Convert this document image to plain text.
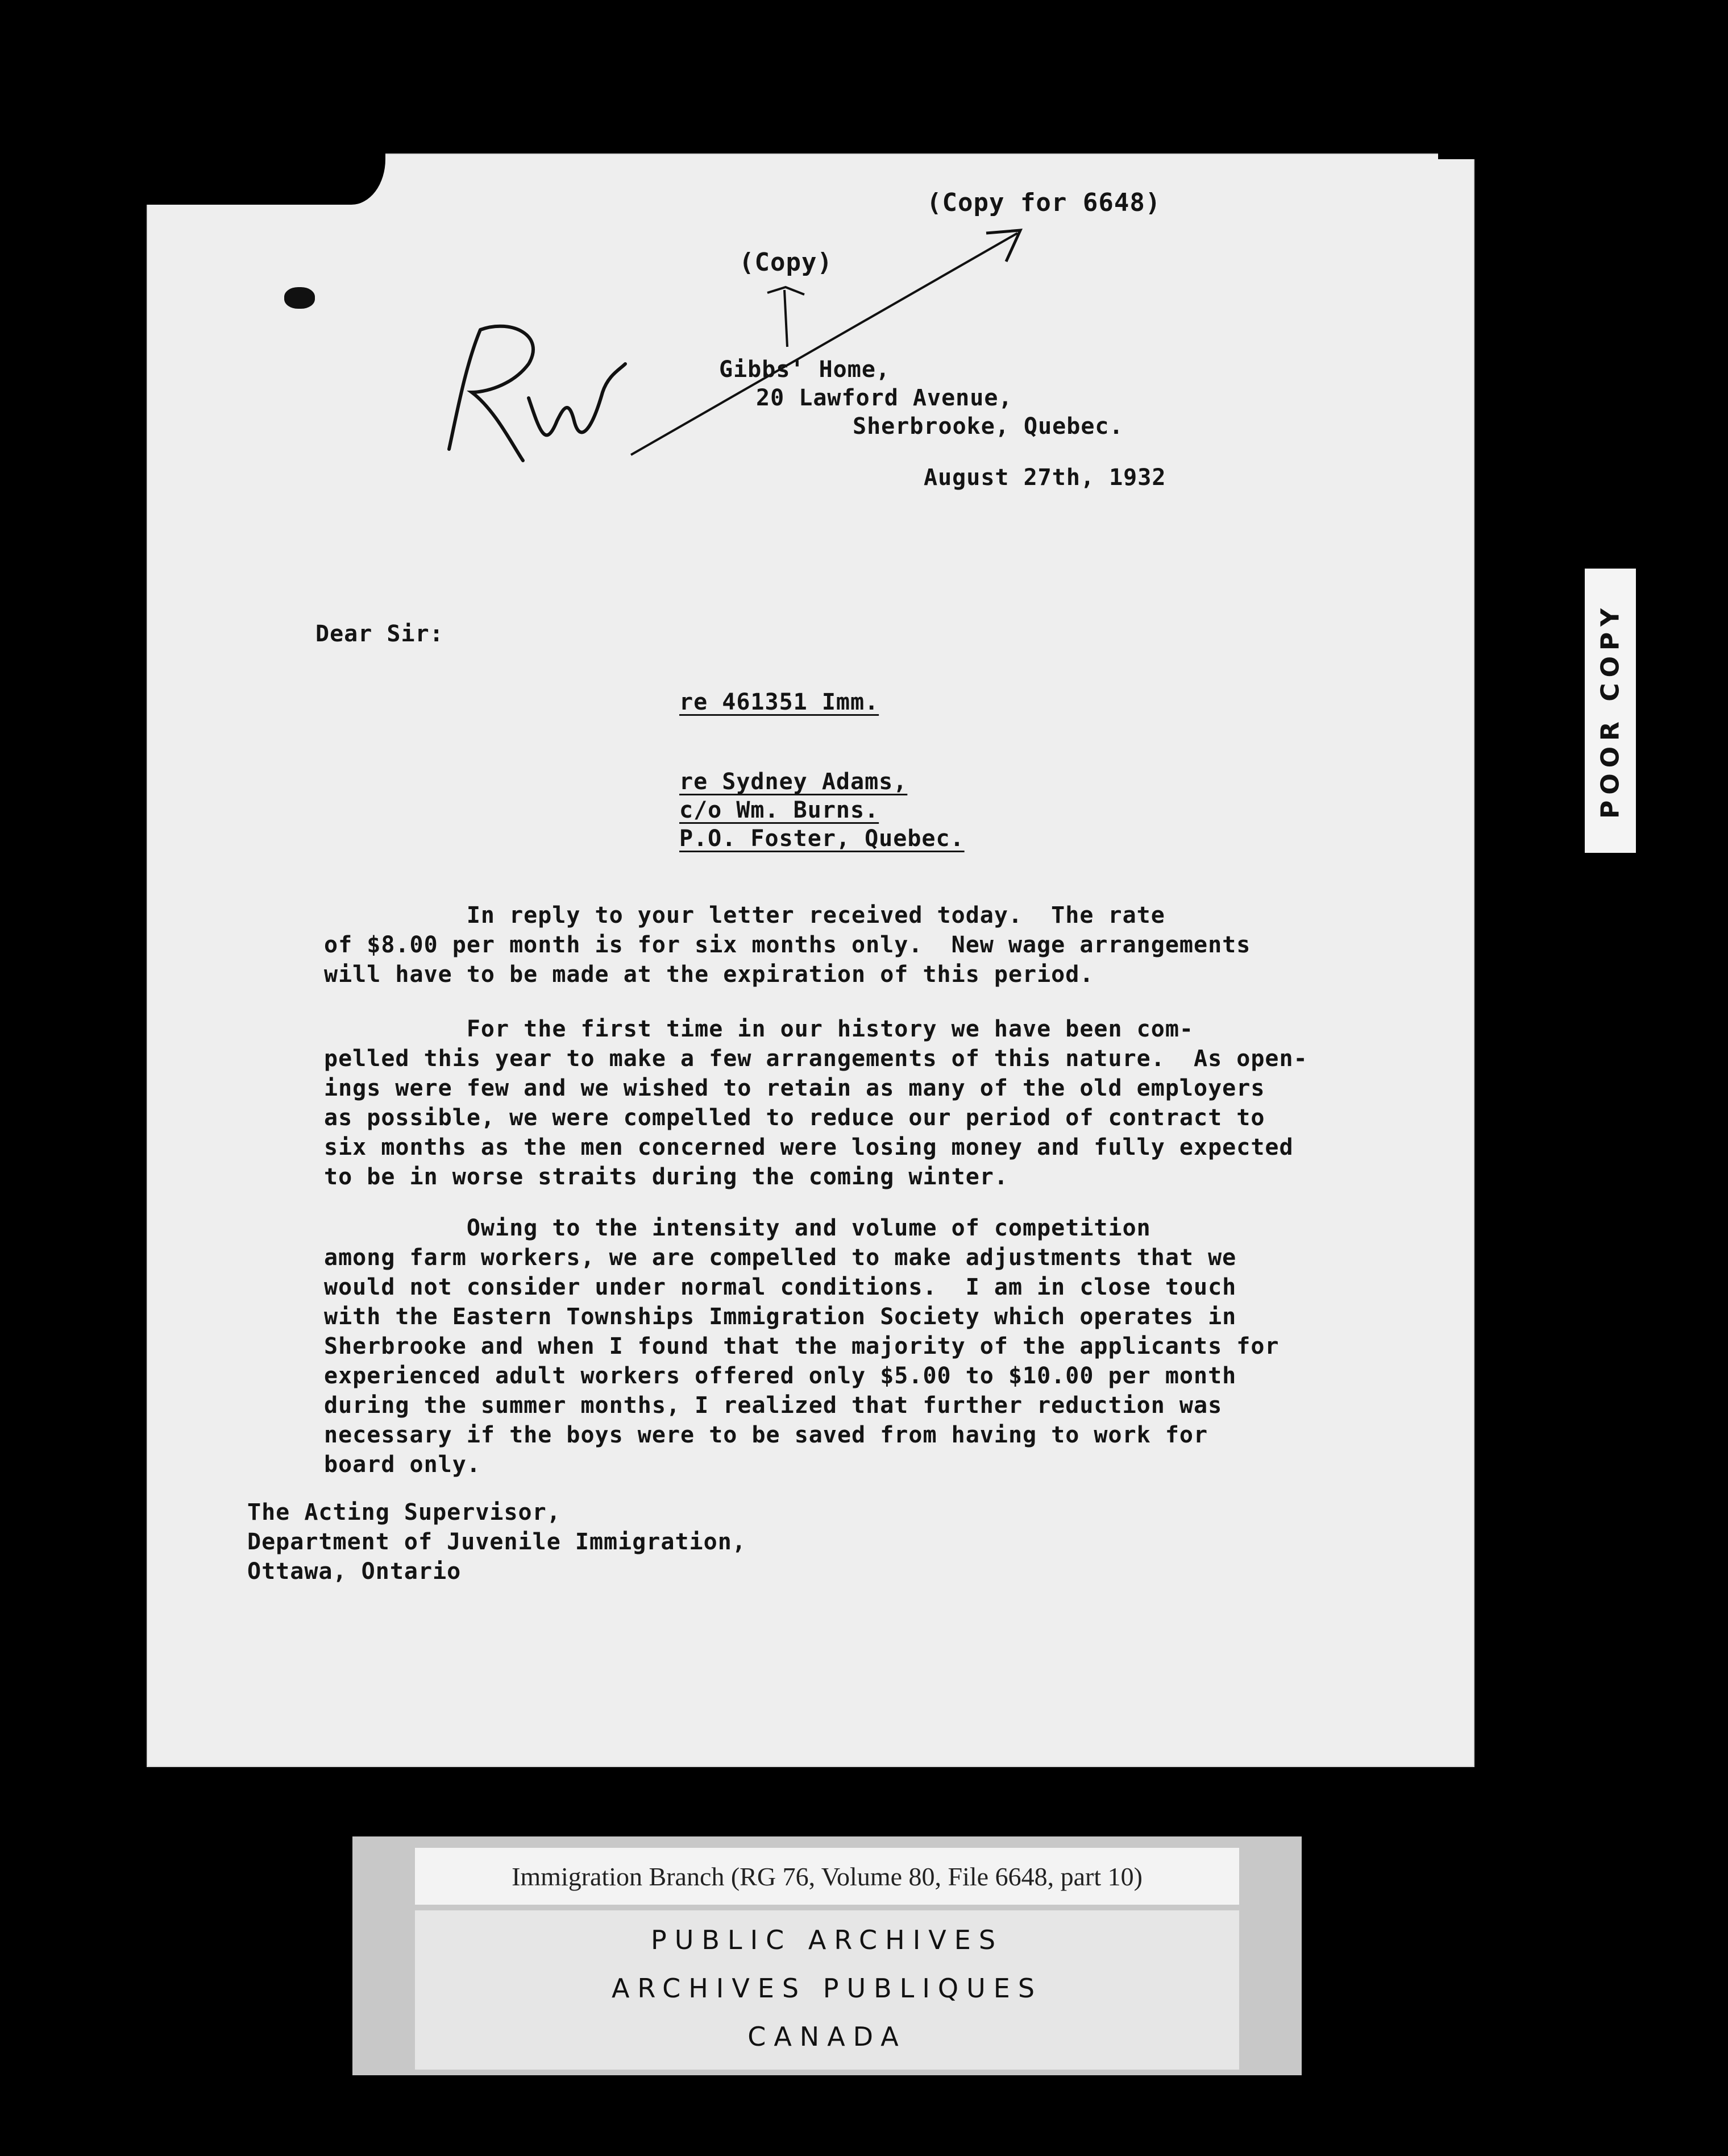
(Copy for 6648)
(Copy)
Gibbs' Home,
20 Lawford Avenue,
Sherbrooke, Quebec.
August 27th, 1932
Dear Sir:
re 461351 Imm.
re Sydney Adams,
c/o Wm. Burns.
P.O. Foster, Quebec.
In reply to your letter received today.  The rate
of $8.00 per month is for six months only.  New wage arrangements
will have to be made at the expiration of this period.
For the first time in our history we have been com-
pelled this year to make a few arrangements of this nature.  As open-
ings were few and we wished to retain as many of the old employers
as possible, we were compelled to reduce our period of contract to
six months as the men concerned were losing money and fully expected
to be in worse straits during the coming winter.
Owing to the intensity and volume of competition
among farm workers, we are compelled to make adjustments that we
would not consider under normal conditions.  I am in close touch
with the Eastern Townships Immigration Society which operates in
Sherbrooke and when I found that the majority of the applicants for
experienced adult workers offered only $5.00 to $10.00 per month
during the summer months, I realized that further reduction was
necessary if the boys were to be saved from having to work for
board only.
The Acting Supervisor,
Department of Juvenile Immigration,
Ottawa, Ontario
POOR COPY
Immigration Branch (RG 76, Volume 80, File 6648, part 10)
PUBLIC ARCHIVES
ARCHIVES PUBLIQUES
CANADA
